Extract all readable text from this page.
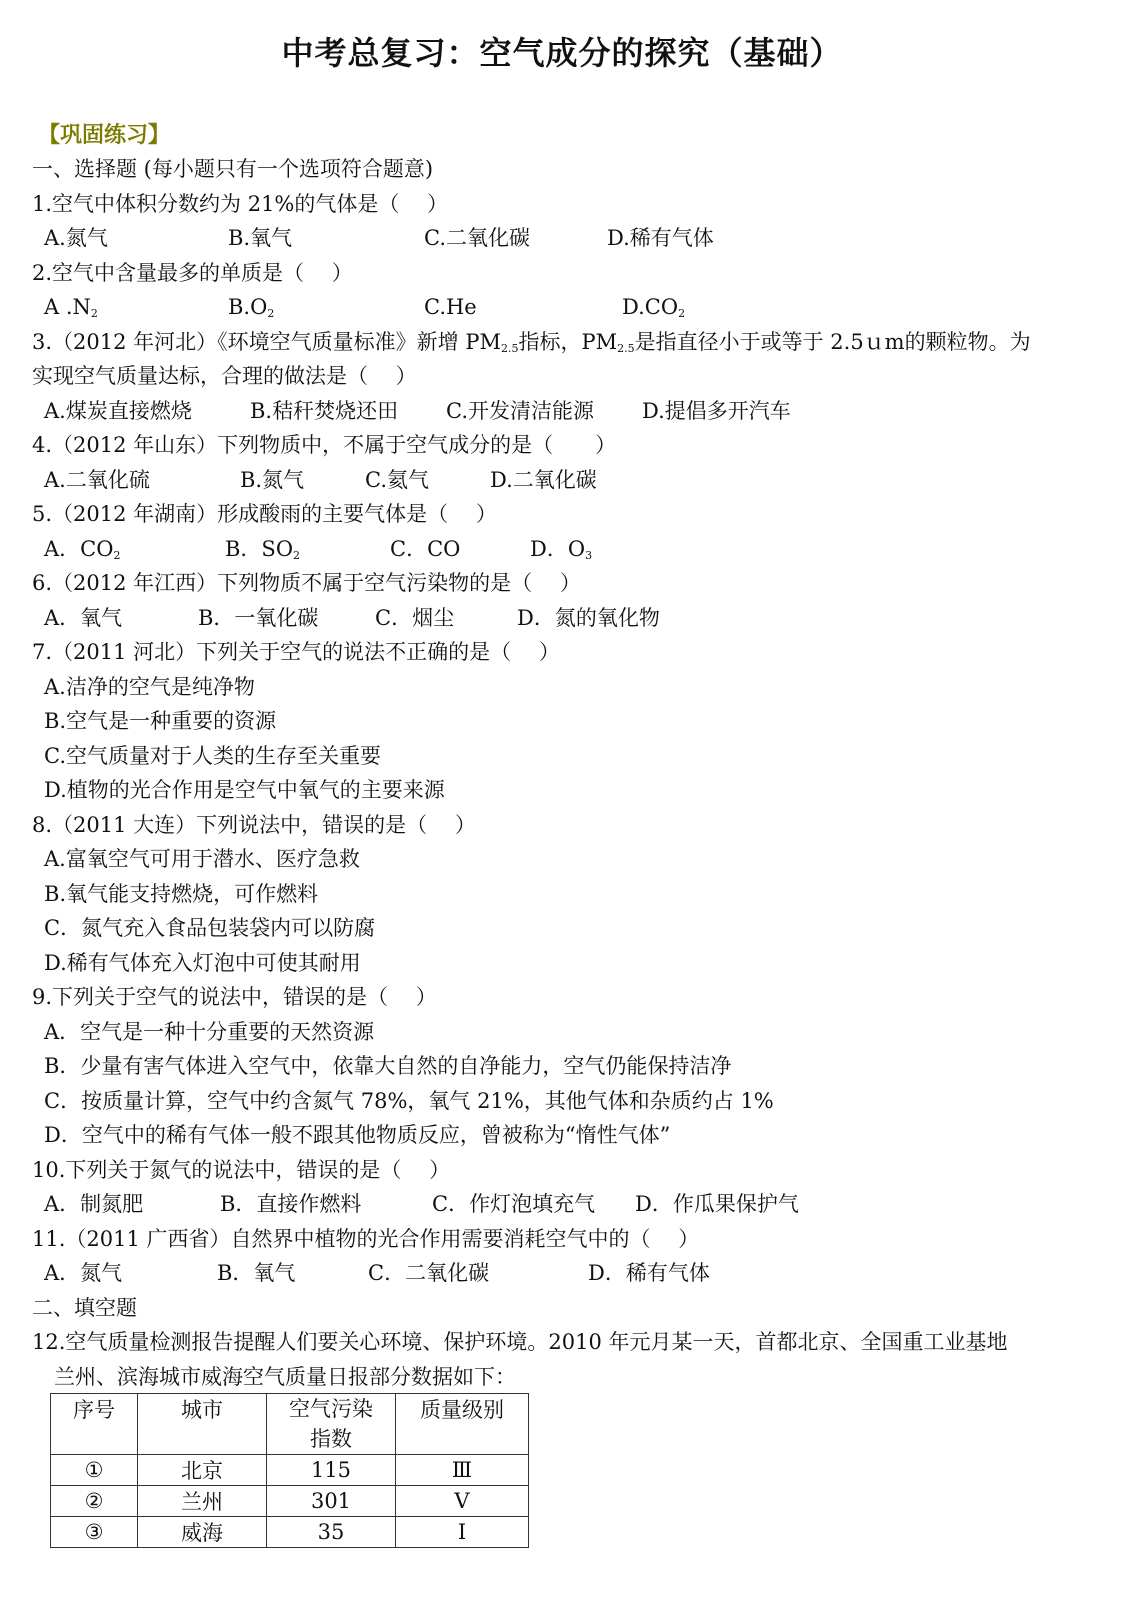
中考总复习：空气成分的探究（基础）
【巩固练习】
一、选择题 (每小题只有一个选项符合题意)
1.空气中体积分数约为 21%的气体是（　 ）
A.氮气	B.氧气	C.二氧化碳	D.稀有气体
2.空气中含量最多的单质是（　 ）
A $.N_2$	$B.O_2$	C.He	$D.CO_2$
3.（2012 年河北）《环境空气质量标准》新增 $PM_{2.5}$指标，$PM_{2.5}$是指直径小于或等于 2.5ｕm的颗粒物。为
实现空气质量达标，合理的做法是（　 ）
A.煤炭直接燃烧	B.秸秆焚烧还田 C.开发清洁能源 D.提倡多开汽车
4.（2012 年山东）下列物质中，不属于空气成分的是（　　）
A.二氧化硫	B.氮气	C.氦气	D.二氧化碳
5.（2012 年湖南）形成酸雨的主要气体是（　 ）
A．$CO_2$	B．$SO_2$	C．CO	D．$O_3$
6.（2012 年江西）下列物质不属于空气污染物的是（　 ）
A．氧气	B．一氧化碳	C．烟尘	D．氮的氧化物
7.（2011 河北）下列关于空气的说法不正确的是（　 ）
A.洁净的空气是纯净物
B.空气是一种重要的资源
C.空气质量对于人类的生存至关重要
D.植物的光合作用是空气中氧气的主要来源
8.（2011 大连）下列说法中，错误的是（　 ）
A.富氧空气可用于潜水、医疗急救
B.氧气能支持燃烧，可作燃料
C．氮气充入食品包装袋内可以防腐
D.稀有气体充入灯泡中可使其耐用
9.下列关于空气的说法中，错误的是（　 ）
A．空气是一种十分重要的天然资源
B．少量有害气体进入空气中，依靠大自然的自净能力，空气仍能保持洁净
C．按质量计算，空气中约含氮气 78%，氧气 21%，其他气体和杂质约占 1%
D．空气中的稀有气体一般不跟其他物质反应，曾被称为“惰性气体”
10.下列关于氮气的说法中，错误的是（　 ）
A．制氮肥	B．直接作燃料	C．作灯泡填充气 D．作瓜果保护气
11.（2011 广西省）自然界中植物的光合作用需要消耗空气中的（　 ）
A．氮气	B．氧气	C．二氧化碳	D．稀有气体
二、填空题
12.空气质量检测报告提醒人们要关心环境、保护环境。2010 年元月某一天，首都北京、全国重工业基地
兰州、滨海城市威海空气质量日报部分数据如下：
序号	城市	空气污染指数	质量级别
①	北京	115	Ⅲ
②	兰州	301	Ⅴ
③	威海	35	Ⅰ
